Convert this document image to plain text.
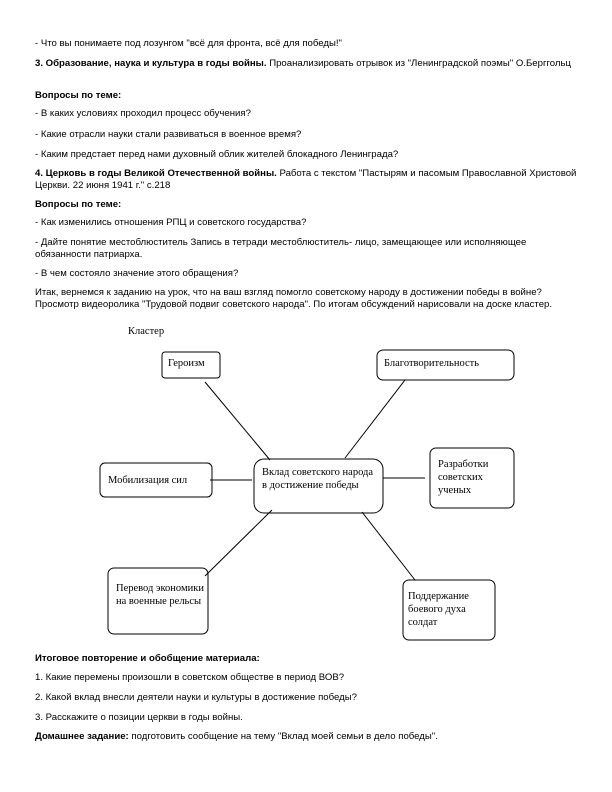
- Что вы понимаете под лозунгом "всё для фронта, всё для победы!"

3. Образование, наука и культура в годы войны. Проанализировать отрывок из "Ленинградской поэмы" О.Берггольц

Вопросы по теме:

- В каких условиях проходил процесс обучения?

- Какие отрасли науки стали развиваться в военное время?

- Каким предстает перед нами духовный облик жителей блокадного Ленинграда?

4. Церковь в годы Великой Отечественной войны. Работа с текстом "Пастырям и пасомым Православной Христовой Церкви. 22 июня 1941 г." с.218

Вопросы по теме:

- Как изменились отношения РПЦ и советского государства?

- Дайте понятие местоблюститель Запись в тетради местоблюститель- лицо, замещающее или исполняющее обязанности патриарха.

- В чем состояло значение этого обращения?

Итак, вернемся к заданию на урок, что на ваш взгляд помогло советскому народу в достижении победы в войне? Просмотр видеоролика "Трудовой подвиг советского народа". По итогам обсуждений нарисовали на доске кластер.

Кластер
Героизм	Благотворительность
Мобилизация сил
Вклад советского народа в достижение победы
Разработки советских ученых
Перевод экономики на военные рельсы	Поддержание боевого духа солдат

Итоговое повторение и обобщение материала:

1. Какие перемены произошли в советском обществе в период ВОВ?

2. Какой вклад внесли деятели науки и культуры в достижение победы?

3. Расскажите о позиции церкви в годы войны.

Домашнее задание: подготовить сообщение на тему "Вклад моей семьи в дело победы".
